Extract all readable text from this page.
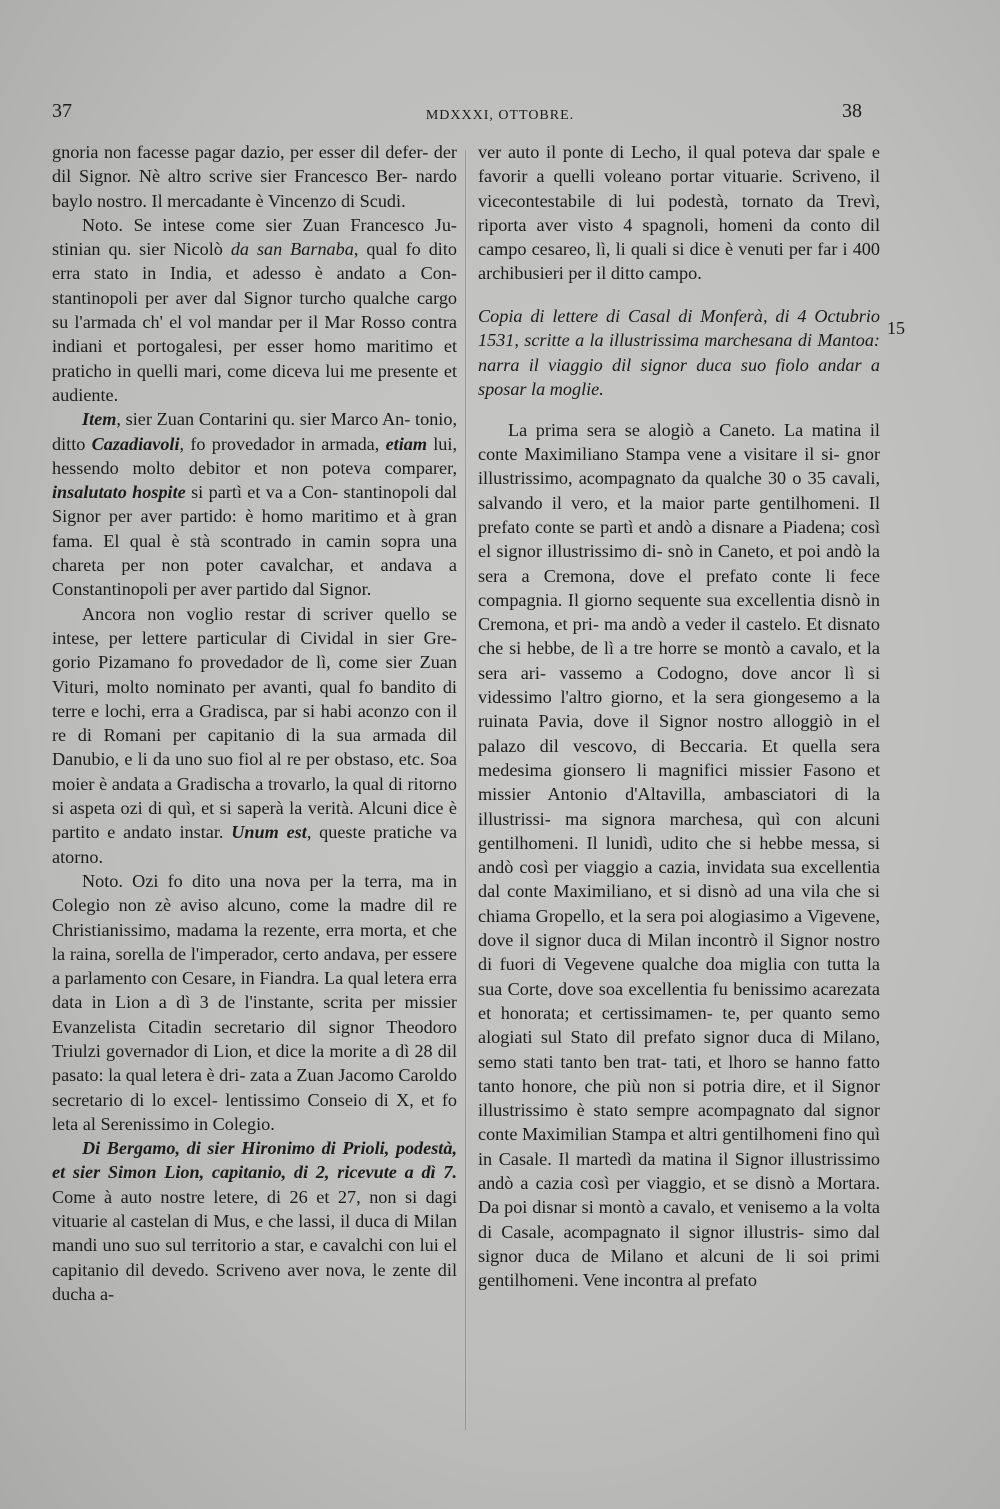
37	MDXXXI, OTTOBRE.	38

gnoria non facesse pagar dazio, per esser dil defer- der dil Signor. Nè altro scrive sier Francesco Ber- nardo baylo nostro. Il mercadante è Vincenzo di Scudi.

Noto. Se intese come sier Zuan Francesco Ju- stinian qu. sier Nicolò da san Barnaba, qual fo dito erra stato in India, et adesso è andato a Con- stantinopoli per aver dal Signor turcho qualche cargo su l'armada ch' el vol mandar per il Mar Rosso contra indiani et portogalesi, per esser homo maritimo et praticho in quelli mari, come diceva lui me presente et audiente.

Item, sier Zuan Contarini qu. sier Marco An- tonio, ditto Cazadiavoli, fo provedador in armada, etiam lui, hessendo molto debitor et non poteva comparer, insalutato hospite si partì et va a Con- stantinopoli dal Signor per aver partido: è homo maritimo et à gran fama. El qual è stà scontrado in camin sopra una chareta per non poter cavalchar, et andava a Constantinopoli per aver partido dal Signor.

Ancora non voglio restar di scriver quello se intese, per lettere particular di Cividal in sier Gre- gorio Pizamano fo provedador de lì, come sier Zuan Vituri, molto nominato per avanti, qual fo bandito di terre e lochi, erra a Gradisca, par si habi aconzo con il re di Romani per capitanio di la sua armada dil Danubio, e li da uno suo fiol al re per obstaso, etc. Soa moier è andata a Gradischa a trovarlo, la qual di ritorno si aspeta ozi di quì, et si saperà la verità. Alcuni dice è partito e andato instar. Unum est, queste pratiche va atorno.

Noto. Ozi fo dito una nova per la terra, ma in Colegio non zè aviso alcuno, come la madre dil re Christianissimo, madama la rezente, erra morta, et che la raina, sorella de l'imperador, certo andava, per essere a parlamento con Cesare, in Fiandra. La qual letera erra data in Lion a dì 3 de l'instante, scrita per missier Evanzelista Citadin secretario dil signor Theodoro Triulzi governador di Lion, et dice la morite a dì 28 dil pasato: la qual letera è dri- zata a Zuan Jacomo Caroldo secretario di lo excel- lentissimo Conseio di X, et fo leta al Serenissimo in Colegio.

Di Bergamo, di sier Hironimo di Prioli, podestà, et sier Simon Lion, capitanio, di 2, ricevute a dì 7. Come à auto nostre letere, di 26 et 27, non si dagi vituarie al castelan di Mus, e che lassi, il duca di Milan mandi uno suo sul territorio a star, e cavalchi con lui el capitanio dil devedo. Scriveno aver nova, le zente dil ducha a-

ver auto il ponte di Lecho, il qual poteva dar spale e favorir a quelli voleano portar vituarie. Scriveno, il vicecontestabile di lui podestà, tornato da Trevì, riporta aver visto 4 spagnoli, homeni da conto dil campo cesareo, lì, li quali si dice è venuti per far i 400 archibusieri per il ditto campo.

Copia di lettere di Casal di Monferà, di 4 Octubrio 1531, scritte a la illustrissima marchesana di Mantoa: narra il viaggio dil signor duca suo fiolo andar a sposar la moglie.

La prima sera se alogiò a Caneto. La matina il conte Maximiliano Stampa vene a visitare il si- gnor illustrissimo, acompagnato da qualche 30 o 35 cavali, salvando il vero, et la maior parte gentilhomeni. Il prefato conte se partì et andò a disnare a Piadena; così el signor illustrissimo di- snò in Caneto, et poi andò la sera a Cremona, dove el prefato conte li fece compagnia. Il giorno sequente sua excellentia disnò in Cremona, et pri- ma andò a veder il castelo. Et disnato che si hebbe, de lì a tre horre se montò a cavalo, et la sera ari- vassemo a Codogno, dove ancor lì si videssimo l'altro giorno, et la sera giongesemo a la ruinata Pavia, dove il Signor nostro alloggiò in el palazo dil vescovo, di Beccaria. Et quella sera medesima gionsero li magnifici missier Fasono et missier Antonio d'Altavilla, ambasciatori di la illustrissi- ma signora marchesa, quì con alcuni gentilhomeni. Il lunidì, udito che si hebbe messa, si andò così per viaggio a cazia, invidata sua excellentia dal conte Maximiliano, et si disnò ad una vila che si chiama Gropello, et la sera poi alogiasimo a Vigevene, dove il signor duca di Milan incontrò il Signor nostro di fuori di Vegevene qualche doa miglia con tutta la sua Corte, dove soa excellentia fu benissimo acarezata et honorata; et certissimamen- te, per quanto semo alogiati sul Stato dil prefato signor duca di Milano, semo stati tanto ben trat- tati, et lhoro se hanno fatto tanto honore, che più non si potria dire, et il Signor illustrissimo è stato sempre acompagnato dal signor conte Maximilian Stampa et altri gentilhomeni fino quì in Casale. Il martedì da matina il Signor illustrissimo andò a cazia così per viaggio, et se disnò a Mortara. Da poi disnar si montò a cavalo, et venisemo a la volta di Casale, acompagnato il signor illustris- simo dal signor duca de Milano et alcuni de li soi primi gentilhomeni. Vene incontra al prefato

15
